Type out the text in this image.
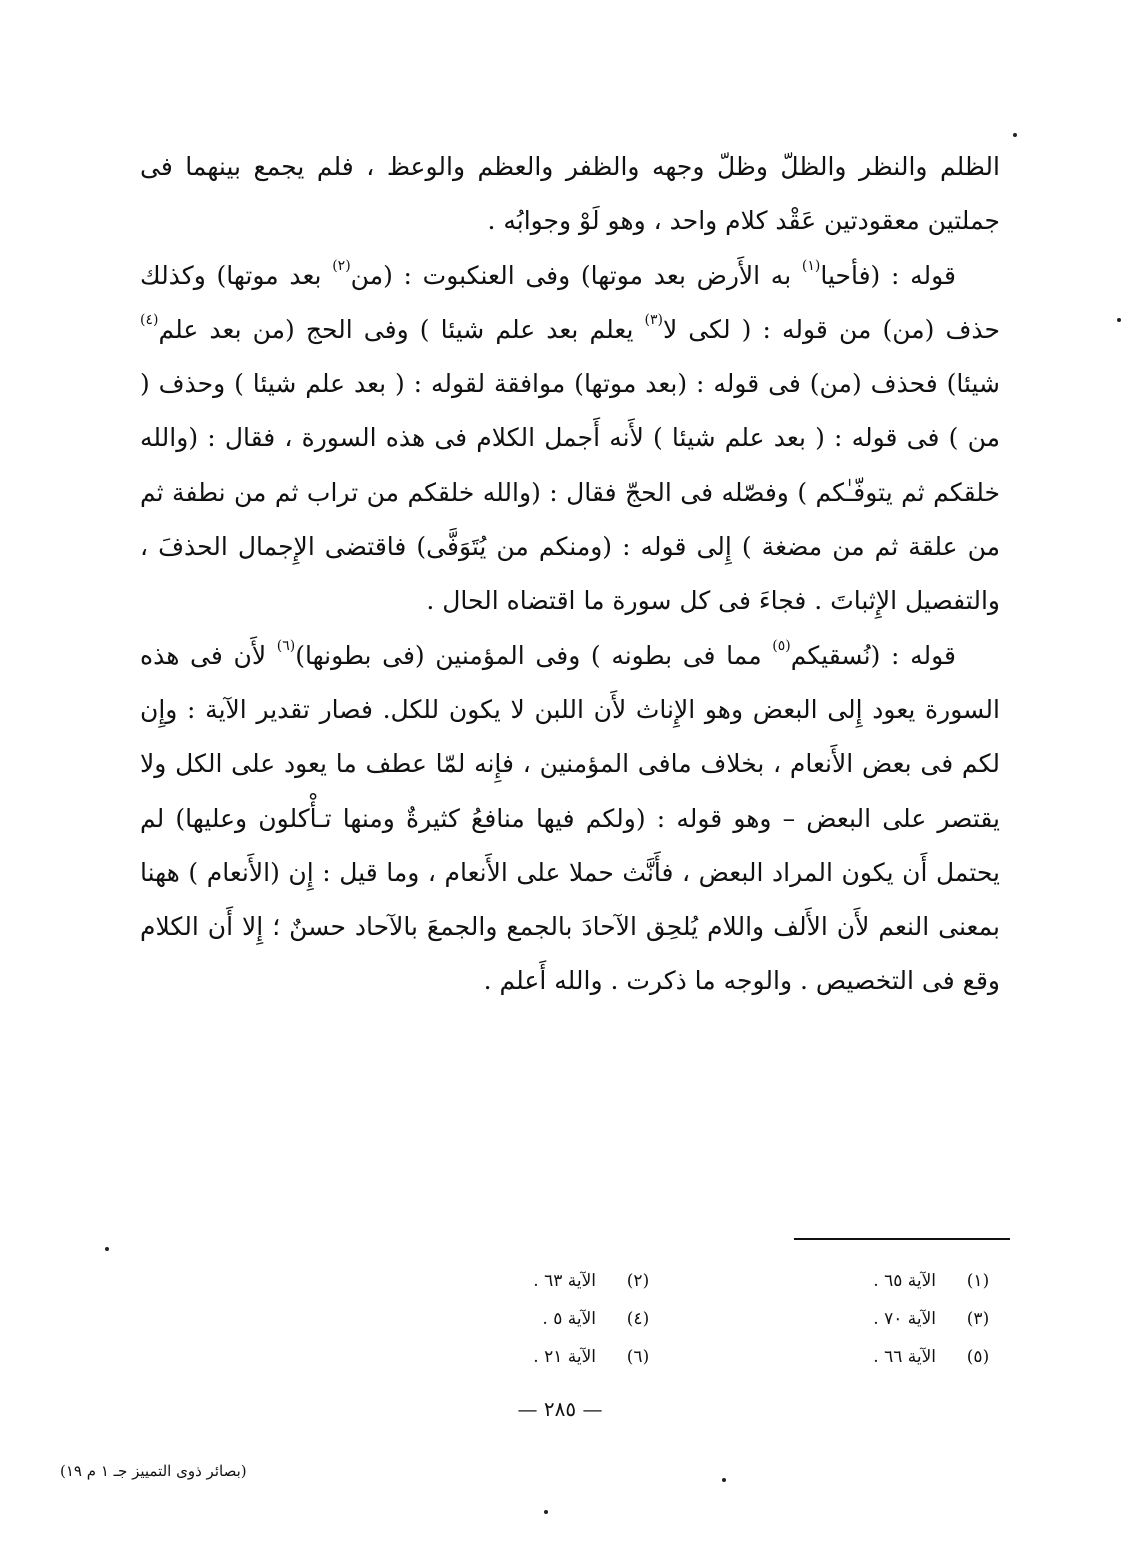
الظلم والنظر والظلّ وظلّ وجهه والظفر والعظم والوعظ ، فلم يجمع بينهما فى جملتين معقودتين عَقْد كلام واحد ، وهو لَوْ وجوابُه .

قوله : (فأحيا$^{(١)}$ به الأَرض بعد موتها) وفى العنكبوت : (من$^{(٢)}$ بعد موتها) وكذلك حذف (من) من قوله : ( لكى لا$^{(٣)}$ يعلم بعد علم شيئا ) وفى الحج (من بعد علم$^{(٤)}$ شيئا) فحذف (من) فى قوله : (بعد موتها) موافقة لقوله : ( بعد علم شيئا ) وحذف ( من ) فى قوله : ( بعد علم شيئا ) لأَنه أَجمل الكلام فى هذه السورة ، فقال : (والله خلقكم ثم يتوفّـٰكم ) وفصّله فى الحجّ فقال : (والله خلقكم من تراب ثم من نطفة ثم من علقة ثم من مضغة ) إِلى قوله : (ومنكم من يُتَوَفَّى) فاقتضى الإِجمال الحذفَ ، والتفصيل الإِثباتَ . فجاءَ فى كل سورة ما اقتضاه الحال .

قوله : (نُسقيكم$^{(٥)}$ مما فى بطونه ) وفى المؤمنين (فى بطونها)$^{(٦)}$ لأَن فى هذه السورة يعود إِلى البعض وهو الإِناث لأَن اللبن لا يكون للكل. فصار تقدير الآية : وإِن لكم فى بعض الأَنعام ، بخلاف مافى المؤمنين ، فإِنه لمّا عطف ما يعود على الكل ولا يقتصر على البعض – وهو قوله : (ولكم فيها منافعُ كثيرةٌ ومنها تـأْكلون وعليها) لم يحتمل أَن يكون المراد البعض ، فأَنَّث حملا على الأَنعام ، وما قيل : إِن (الأَنعام ) ههنا بمعنى النعم لأَن الأَلف واللام يُلحِق الآحادَ بالجمع والجمعَ بالآحاد حسنٌ ؛ إِلا أَن الكلام وقع فى التخصيص . والوجه ما ذكرت . والله أَعلم .

(١)
الآية ٦٥ .
(٢)
الآية ٦٣ .
(٣)
الآية ٧٠ .
(٤)
الآية ٥ .
(٥)
الآية ٦٦ .
(٦)
الآية ٢١ .
— ٢٨٥ —
(بصائر ذوى التمييز جـ ١ م ١٩)
